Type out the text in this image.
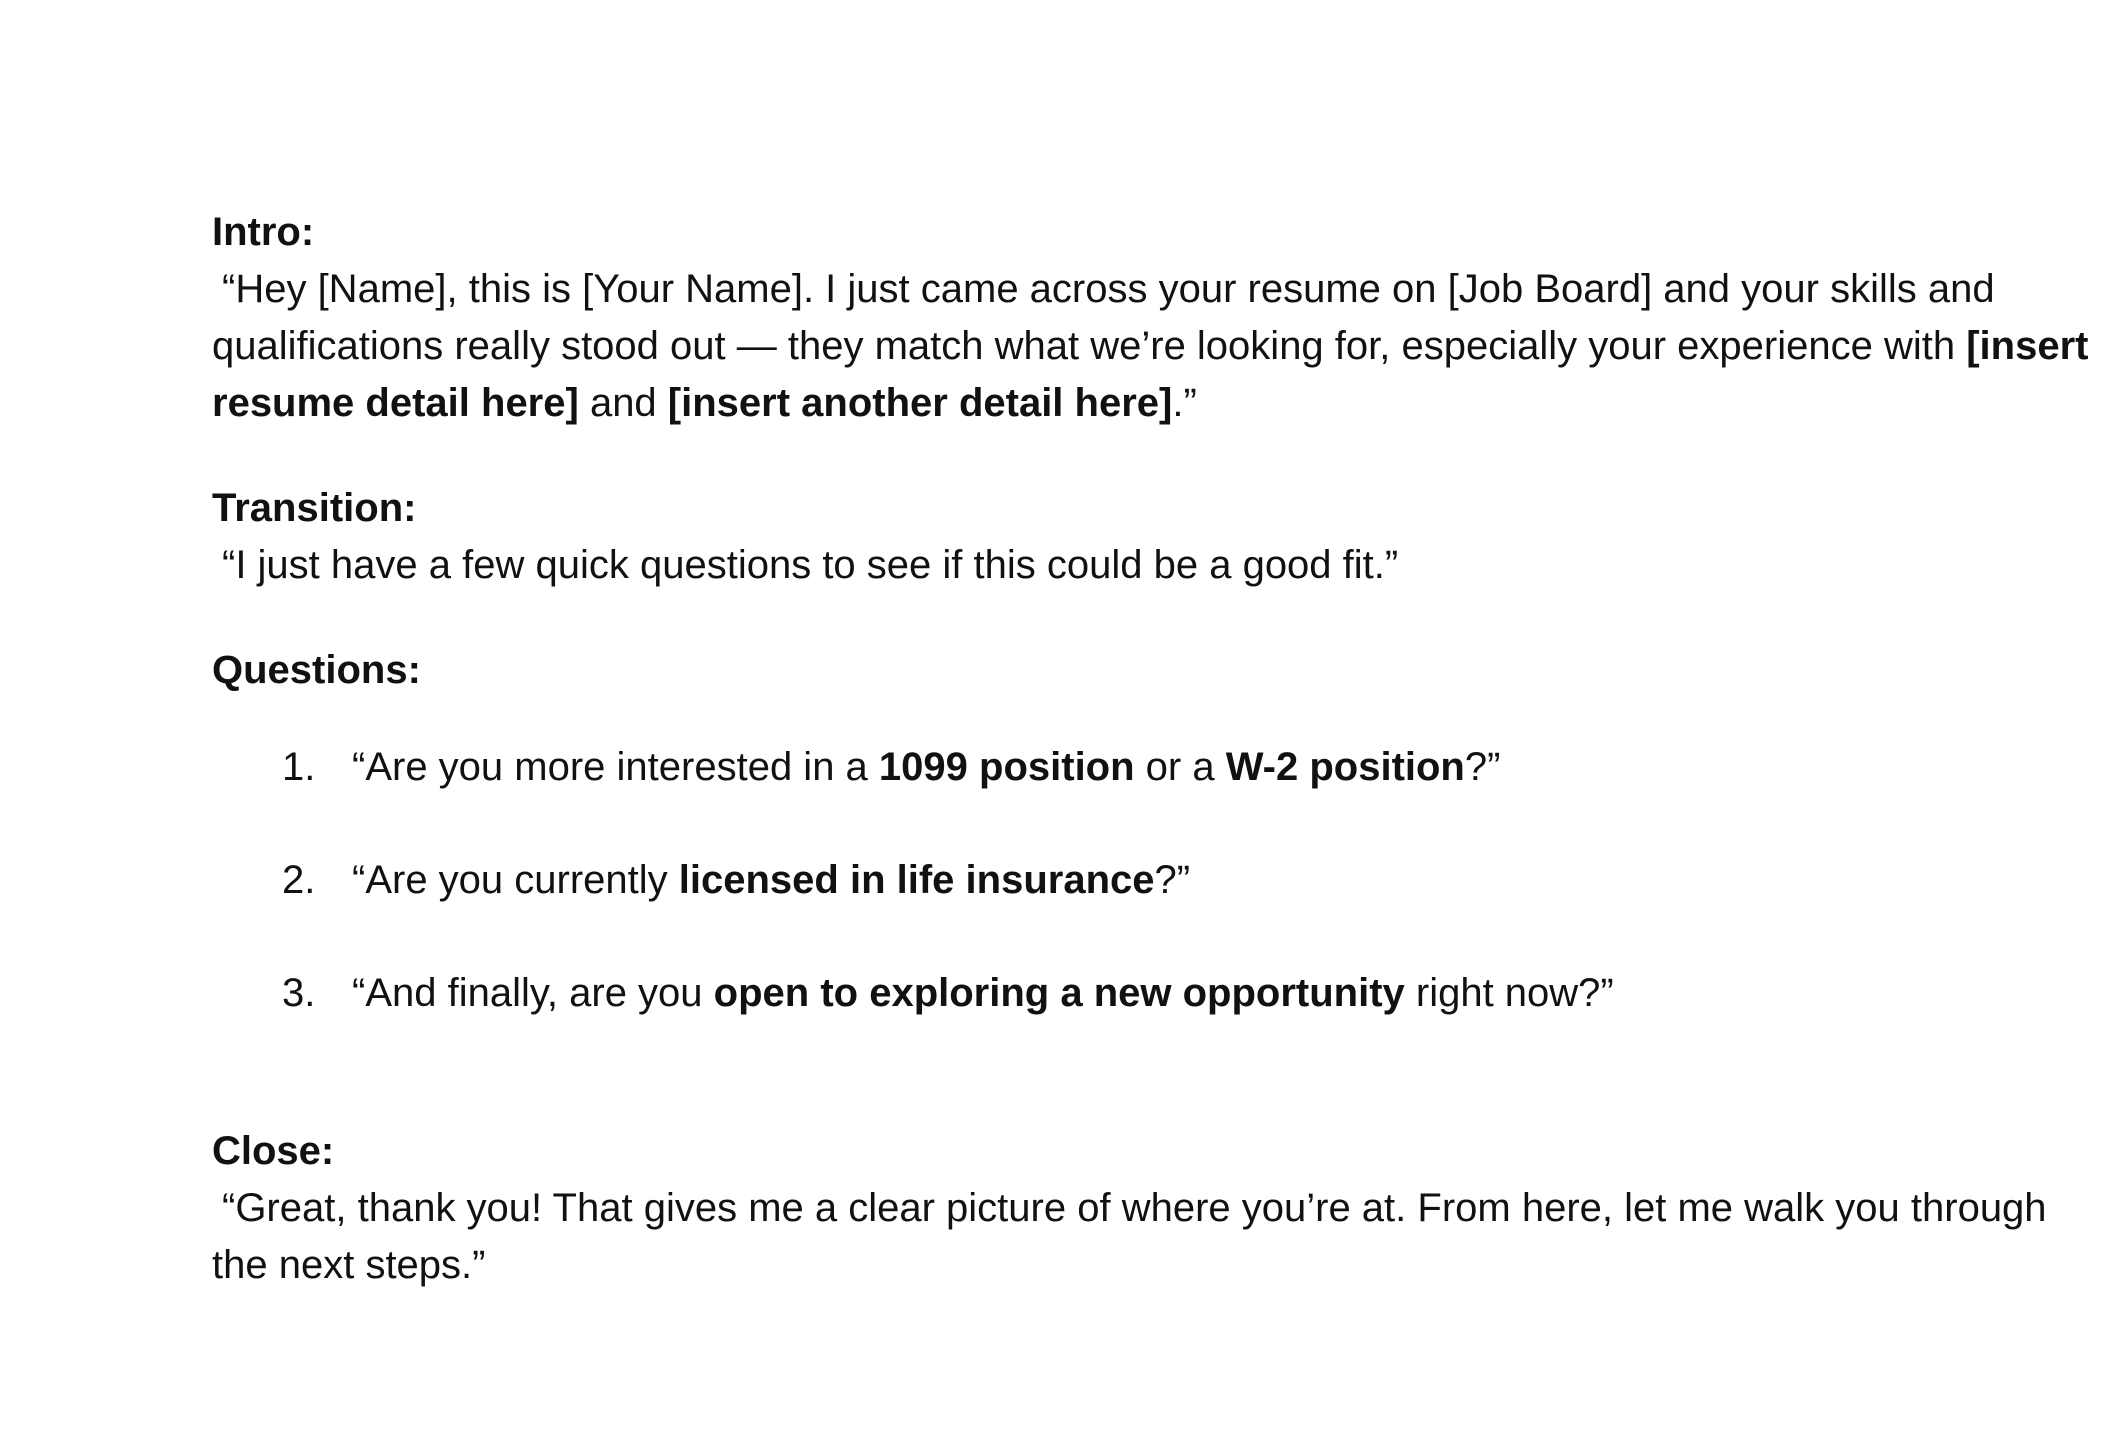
Intro:

“Hey [Name], this is [Your Name]. I just came across your resume on [Job Board] and your skills and qualifications really stood out — they match what we’re looking for, especially your experience with [insert resume detail here] and [insert another detail here].”

Transition:

“I just have a few quick questions to see if this could be a good fit.”

Questions:

1. “Are you more interested in a 1099 position or a W-2 position?”
2. “Are you currently licensed in life insurance?”
3. “And finally, are you open to exploring a new opportunity right now?”

Close:

“Great, thank you! That gives me a clear picture of where you’re at. From here, let me walk you through the next steps.”
